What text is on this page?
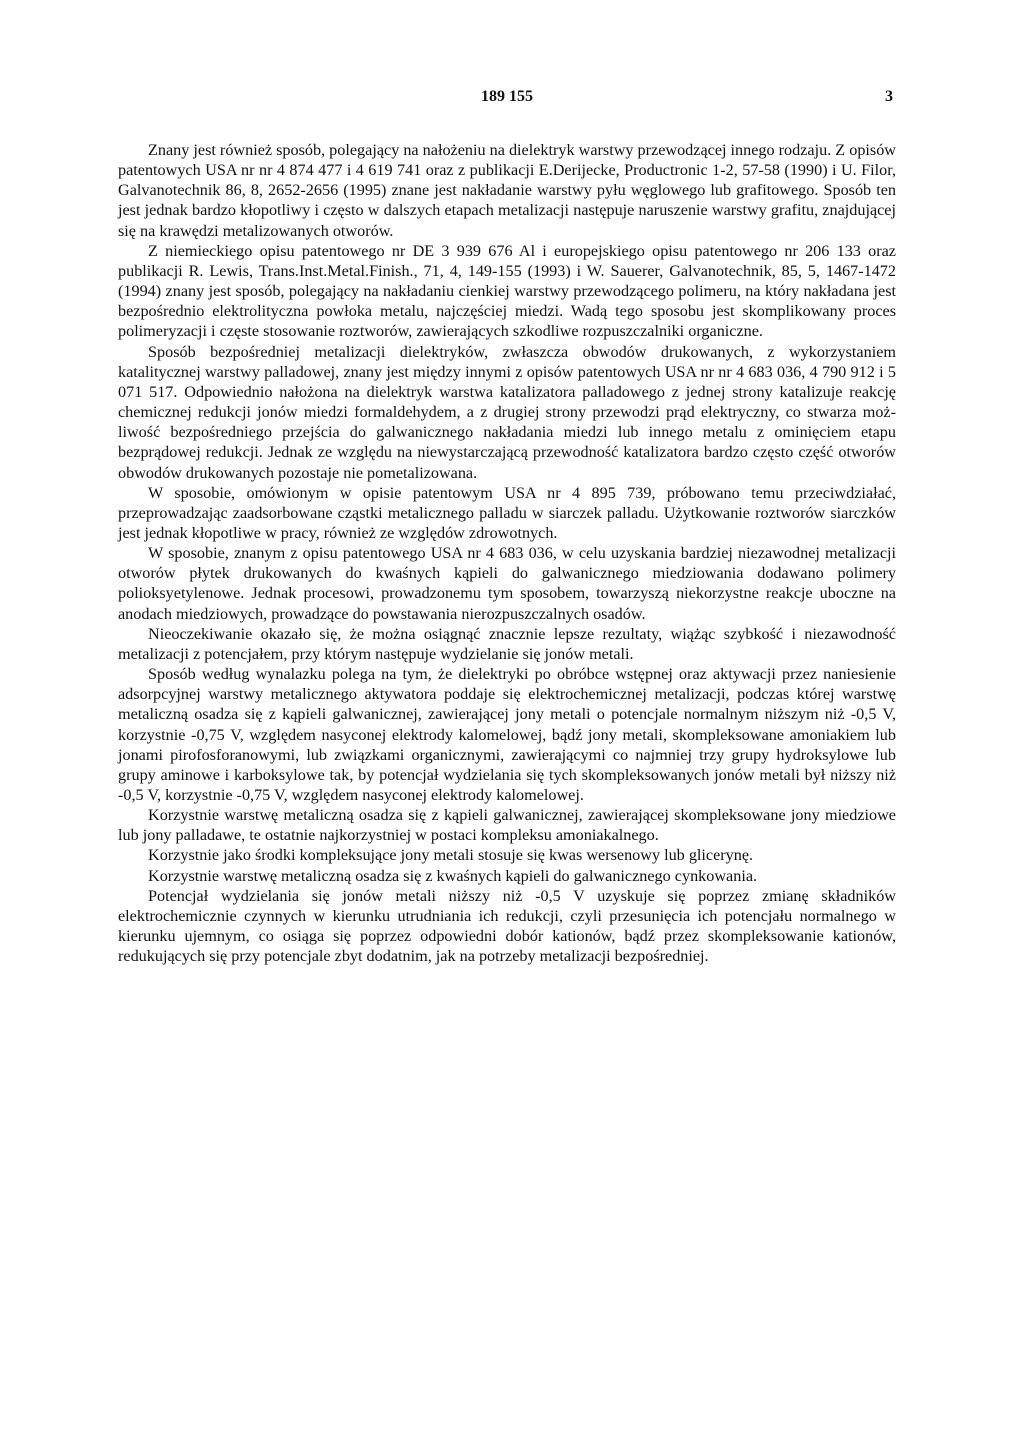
189 155	3

Znany jest również sposób, polegający na nałożeniu na dielektryk warstwy przewodzącej innego rodzaju. Z opisów patentowych USA nr nr 4 874 477 i 4 619 741 oraz z publikacji E.Derijecke, Productronic 1-2, 57-58 (1990) i U. Filor, Galvanotechnik 86, 8, 2652-2656 (1995) znane jest nakładanie warstwy pyłu węglowego lub grafitowego. Sposób ten jest jednak bardzo kłopotliwy i często w dalszych etapach metalizacji następuje naruszenie warstwy grafitu, znajdującej się na krawędzi metalizowanych otworów.

Z niemieckiego opisu patentowego nr DE 3 939 676 Al i europejskiego opisu patentowego nr 206 133 oraz publikacji R. Lewis, Trans.Inst.Metal.Finish., 71, 4, 149-155 (1993) i W. Sauerer, Galvanotechnik, 85, 5, 1467-1472 (1994) znany jest sposób, polegający na nakładaniu cienkiej warstwy przewodzącego polimeru, na który nakładana jest bezpośrednio elektrolityczna powłoka metalu, najczęściej miedzi. Wadą tego sposobu jest skomplikowany proces polimeryzacji i częste stosowanie roztworów, zawierających szkodliwe rozpuszczalniki organiczne.

Sposób bezpośredniej metalizacji dielektryków, zwłaszcza obwodów drukowanych, z wykorzystaniem katalitycznej warstwy palladowej, znany jest między innymi z opisów patentowych USA nr nr 4 683 036, 4 790 912 i 5 071 517. Odpowiednio nałożona na dielektryk warstwa katalizatora palladowego z jednej strony katalizuje reakcję chemicznej redukcji jonów miedzi formaldehydem, a z drugiej strony przewodzi prąd elektryczny, co stwarza możliwość bezpośredniego przejścia do galwanicznego nakładania miedzi lub innego metalu z ominięciem etapu bezprądowej redukcji. Jednak ze względu na niewystarczającą przewodność katalizatora bardzo często część otworów obwodów drukowanych pozostaje nie pometalizowana.

W sposobie, omówionym w opisie patentowym USA nr 4 895 739, próbowano temu przeciwdziałać, przeprowadzając zaadsorbowane cząstki metalicznego palladu w siarczek palladu. Użytkowanie roztworów siarczków jest jednak kłopotliwe w pracy, również ze względów zdrowotnych.

W sposobie, znanym z opisu patentowego USA nr 4 683 036, w celu uzyskania bardziej niezawodnej metalizacji otworów płytek drukowanych do kwaśnych kąpieli do galwanicznego miedziowania dodawano polimery polioksyetylenowe. Jednak procesowi, prowadzonemu tym sposobem, towarzyszą niekorzystne reakcje uboczne na anodach miedziowych, prowadzące do powstawania nierozpuszczalnych osadów.

Nieoczekiwanie okazało się, że można osiągnąć znacznie lepsze rezultaty, wiążąc szybkość i niezawodność metalizacji z potencjałem, przy którym następuje wydzielanie się jonów metali.

Sposób według wynalazku polega na tym, że dielektryki po obróbce wstępnej oraz aktywacji przez naniesienie adsorpcyjnej warstwy metalicznego aktywatora poddaje się elektrochemicznej metalizacji, podczas której warstwę metaliczną osadza się z kąpieli galwanicznej, zawierającej jony metali o potencjale normalnym niższym niż -0,5 V, korzystnie -0,75 V, względem nasyconej elektrody kalomelowej, bądź jony metali, skompleksowane amoniakiem lub jonami pirofosforanowymi, lub związkami organicznymi, zawierającymi co najmniej trzy grupy hydroksylowe lub grupy aminowe i karboksylowe tak, by potencjał wydzielania się tych skompleksowanych jonów metali był niższy niż -0,5 V, korzystnie -0,75 V, względem nasyconej elektrody kalomelowej.

Korzystnie warstwę metaliczną osadza się z kąpieli galwanicznej, zawierającej skompleksowane jony miedziowe lub jony palladawe, te ostatnie najkorzystniej w postaci kompleksu amoniakalnego.

Korzystnie jako środki kompleksujące jony metali stosuje się kwas wersenowy lub glicerynę.

Korzystnie warstwę metaliczną osadza się z kwaśnych kąpieli do galwanicznego cynkowania.

Potencjał wydzielania się jonów metali niższy niż -0,5 V uzyskuje się poprzez zmianę składników elektrochemicznie czynnych w kierunku utrudniania ich redukcji, czyli przesunięcia ich potencjału normalnego w kierunku ujemnym, co osiąga się poprzez odpowiedni dobór kationów, bądź przez skompleksowanie kationów, redukujących się przy potencjale zbyt dodatnim, jak na potrzeby metalizacji bezpośredniej.
